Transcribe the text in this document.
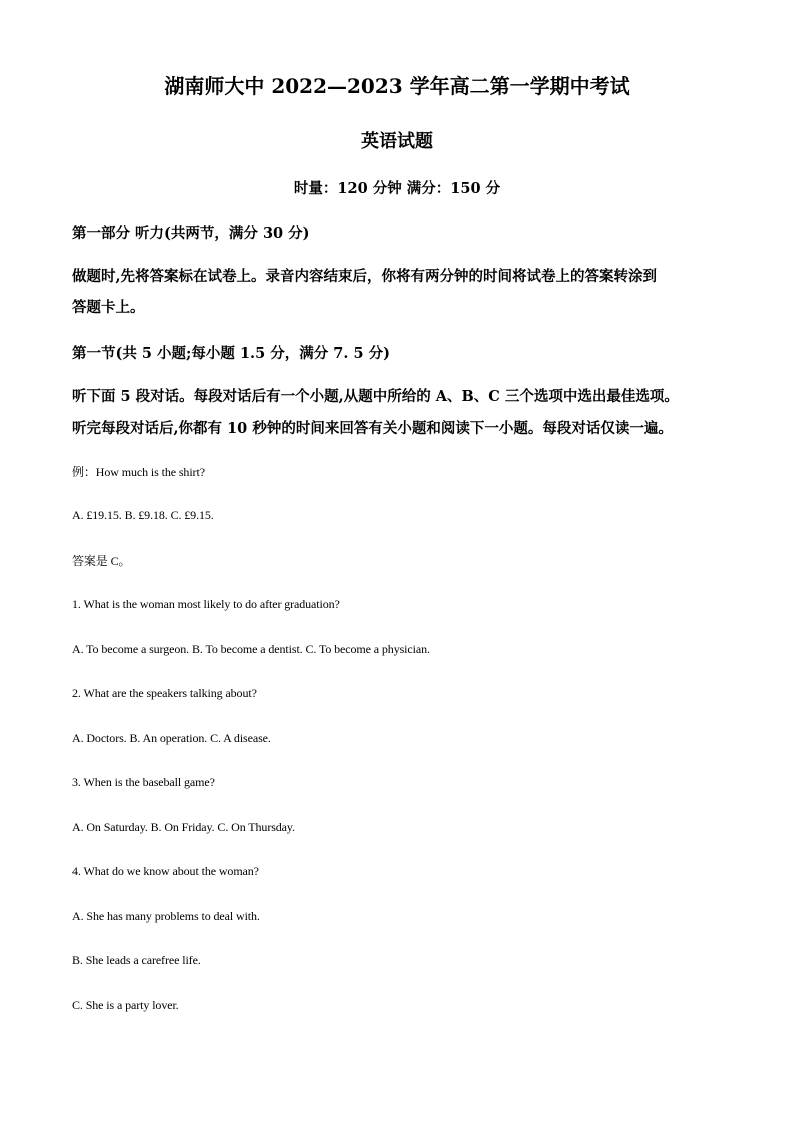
湖南师大中 2022—2023 学年高二第一学期中考试
英语试题
时量：120 分钟 满分：150 分
第一部分 听力(共两节，满分 30 分)
做题时,先将答案标在试卷上。录音内容结束后，你将有两分钟的时间将试卷上的答案转涂到
答题卡上。
第一节(共 5 小题;每小题 1.5 分，满分 7. 5 分)
听下面 5 段对话。每段对话后有一个小题,从题中所给的 A、B、C 三个选项中选出最佳选项。
听完每段对话后,你都有 10 秒钟的时间来回答有关小题和阅读下一小题。每段对话仅读一遍。
例：How much is the shirt?
A. £19.15. B. £9.18. C. £9.15.
答案是 C。
1. What is the woman most likely to do after graduation?
A. To become a surgeon. B. To become a dentist. C. To become a physician.
2. What are the speakers talking about?
A. Doctors. B. An operation. C. A disease.
3. When is the baseball game?
A. On Saturday. B. On Friday. C. On Thursday.
4. What do we know about the woman?
A. She has many problems to deal with.
B. She leads a carefree life.
C. She is a party lover.
